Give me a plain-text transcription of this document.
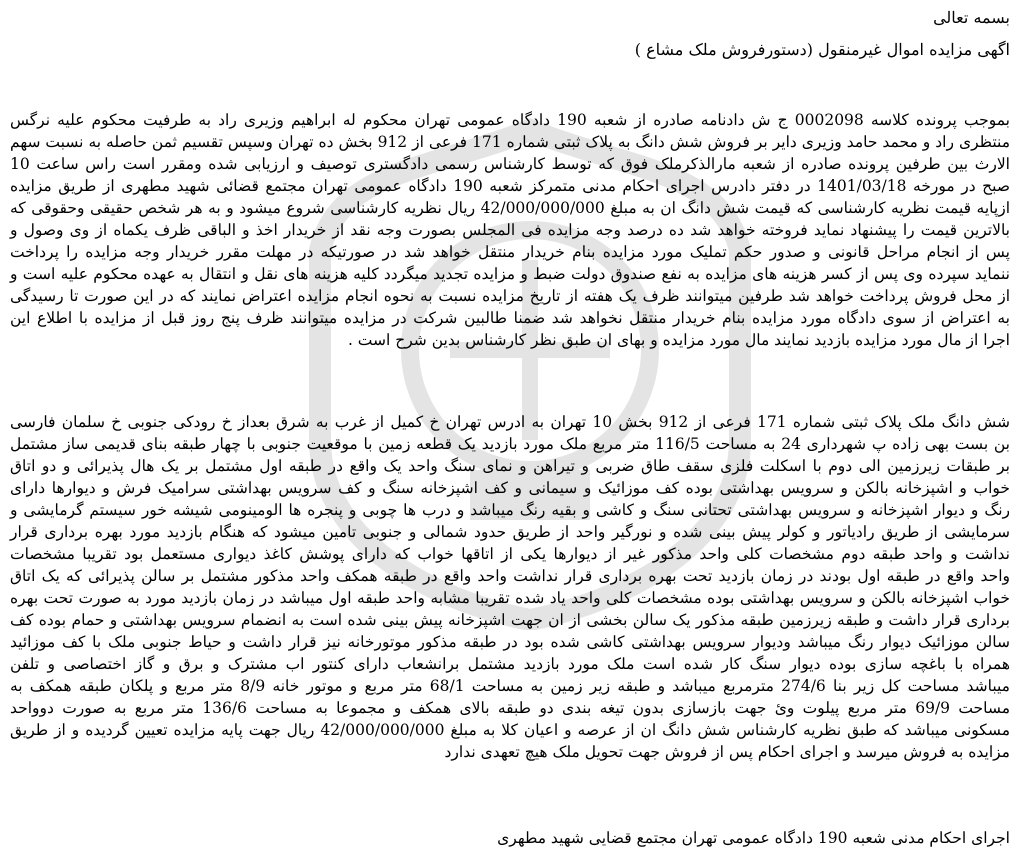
بسمه تعالی
اگهی مزایده اموال غیرمنقول (دستورفروش ملک مشاع )
بموجب پرونده کلاسه 0002098 ج ش دادنامه صادره از شعبه 190 دادگاه عمومی تهران محکوم له ابراهیم وزیری راد به طرفیت محکوم علیه نرگس
منتظری راد و محمد حامد وزیری دایر بر فروش شش دانگ به پلاک ثبتی شماره 171 فرعی از 912 بخش ده تهران وسپس تقسیم ثمن حاصله به نسبت سهم
الارث بین طرفین پرونده صادره از شعبه مارالذکرملک فوق که توسط کارشناس رسمی دادگستری توصیف و ارزیابی شده ومقرر است راس ساعت 10
صبح در مورخه 1401/03/18 در دفتر دادرس اجرای احکام مدنی متمرکز شعبه 190 دادگاه عمومی تهران مجتمع قضائی شهید مطهری از طریق مزایده
ازپایه قیمت نظریه کارشناسی که قیمت شش دانگ ان به مبلغ 42/000/000/000 ریال نظریه کارشناسی شروع میشود و به هر شخص حقیقی وحقوقی که
بالاترین قیمت را پیشنهاد نماید فروخته خواهد شد ده درصد وجه مزایده فی المجلس بصورت وجه نقد از خریدار اخذ و الباقی ظرف یکماه از وی وصول و
پس از انجام مراحل قانونی و صدور حکم تملیک مورد مزایده بنام خریدار منتقل خواهد شد در صورتیکه در مهلت مقرر خریدار وجه مزایده را پرداخت
ننماید سپرده وی پس از کسر هزینه های مزایده به نفع صندوق دولت ضبط و مزایده تجدید میگردد کلیه هزینه های نقل و انتقال به عهده محکوم علیه است و
از محل فروش پرداخت خواهد شد طرفین میتوانند ظرف یک هفته از تاریخ مزایده نسبت به نحوه انجام مزایده اعتراض نمایند که در این صورت تا رسیدگی
به اعتراض از سوی دادگاه مورد مزایده بنام خریدار منتقل نخواهد شد ضمنا طالبین شرکت در مزایده میتوانند ظرف پنج روز قبل از مزایده با اطلاع این
اجرا از مال مورد مزایده بازدید نمایند مال مورد مزایده و بهای ان طبق نظر کارشناس بدین شرح است .
شش دانگ ملک پلاک ثبتی شماره 171 فرعی از 912 بخش 10 تهران به ادرس تهران خ کمیل از غرب به شرق بعداز خ رودکی جنوبی خ سلمان فارسی
بن بست بهی زاده پ شهرداری 24 به مساحت 116/5 متر مربع ملک مورد بازدید یک قطعه زمین با موقعیت جنوبی با چهار طبقه بنای قدیمی ساز مشتمل
بر طبقات زیرزمین الی دوم با اسکلت فلزی سقف طاق ضربی و تیراهن و نمای سنگ واحد یک واقع در طبقه اول مشتمل بر یک هال پذیرائی و دو اتاق
خواب و اشپزخانه بالکن و سرویس بهداشتی بوده کف موزائیک و سیمانی و کف اشپزخانه سنگ و کف سرویس بهداشتی سرامیک فرش و دیوارها دارای
رنگ و دیوار اشپزخانه و سرویس بهداشتی تحتانی سنگ و کاشی و بقیه رنگ میباشد و درب ها چوبی و پنجره ها الومینومی شیشه خور سیستم گرمایشی و
سرمایشی از طریق رادیاتور و کولر پیش بینی شده و نورگیر واحد از طریق حدود شمالی و جنوبی تامین میشود که هنگام بازدید مورد بهره برداری قرار
نداشت و واحد طبقه دوم مشخصات کلی واحد مذکور غیر از دیوارها یکی از اتاقها خواب که دارای پوشش کاغذ دیواری مستعمل بود تقریبا مشخصات
واحد واقع در طبقه اول بودند در زمان بازدید تحت بهره برداری قرار نداشت واحد واقع در طبقه همکف واحد مذکور مشتمل بر سالن پذیرائی که یک اتاق
خواب اشپزخانه بالکن و سرویس بهداشتی بوده مشخصات کلی واحد یاد شده تقریبا مشابه واحد طبقه اول میباشد در زمان بازدید مورد به صورت تحت بهره
برداری قرار داشت و طبقه زیرزمین طبقه مذکور یک سالن بخشی از ان جهت اشپزخانه پیش بینی شده است به انضمام سرویس بهداشتی و حمام بوده کف
سالن موزائیک دیوار رنگ میباشد ودیوار سرویس بهداشتی کاشی شده بود در طبقه مذکور موتورخانه نیز قرار داشت و حیاط جنوبی ملک با کف موزائید
همراه با باغچه سازی بوده دیوار سنگ کار شده است ملک مورد بازدید مشتمل برانشعاب دارای کنتور اب مشترک و برق و گاز اختصاصی و تلفن
میباشد مساحت کل زیر بنا 274/6 مترمربع میباشد و طبقه زیر زمین به مساحت 68/1 متر مربع و موتور خانه 8/9 متر مربع و پلکان طبقه همکف به
مساحت 69/9 متر مربع پیلوت وئ جهت بازسازی بدون تیغه بندی دو طبقه بالای همکف و مجموعا به مساحت 136/6 متر مربع به صورت دوواحد
مسکونی میباشد که طبق نظریه کارشناس شش دانگ ان از عرصه و اعیان کلا به مبلغ 42/000/000/000 ریال جهت پایه مزایده تعیین گردیده و از طریق
مزایده به فروش میرسد و اجرای احکام پس از فروش جهت تحویل ملک هیچ تعهدی ندارد
اجرای احکام مدنی شعبه 190 دادگاه عمومی تهران مجتمع قضایی شهید مطهری
